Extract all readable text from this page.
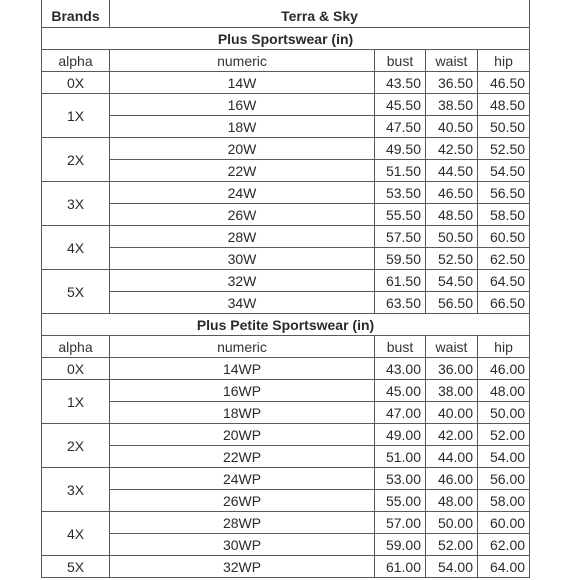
Brands	Terra & Sky			
Plus Sportswear (in)				
alpha	numeric	bust	waist	hip
0X	14W	43.50	36.50	46.50
1X	16W	45.50	38.50	48.50
	18W	47.50	40.50	50.50
2X	20W	49.50	42.50	52.50
	22W	51.50	44.50	54.50
3X	24W	53.50	46.50	56.50
	26W	55.50	48.50	58.50
4X	28W	57.50	50.50	60.50
	30W	59.50	52.50	62.50
5X	32W	61.50	54.50	64.50
	34W	63.50	56.50	66.50
Plus Petite Sportswear (in)				
alpha	numeric	bust	waist	hip
0X	14WP	43.00	36.00	46.00
1X	16WP	45.00	38.00	48.00
	18WP	47.00	40.00	50.00
2X	20WP	49.00	42.00	52.00
	22WP	51.00	44.00	54.00
3X	24WP	53.00	46.00	56.00
	26WP	55.00	48.00	58.00
4X	28WP	57.00	50.00	60.00
	30WP	59.00	52.00	62.00
5X	32WP	61.00	54.00	64.00
